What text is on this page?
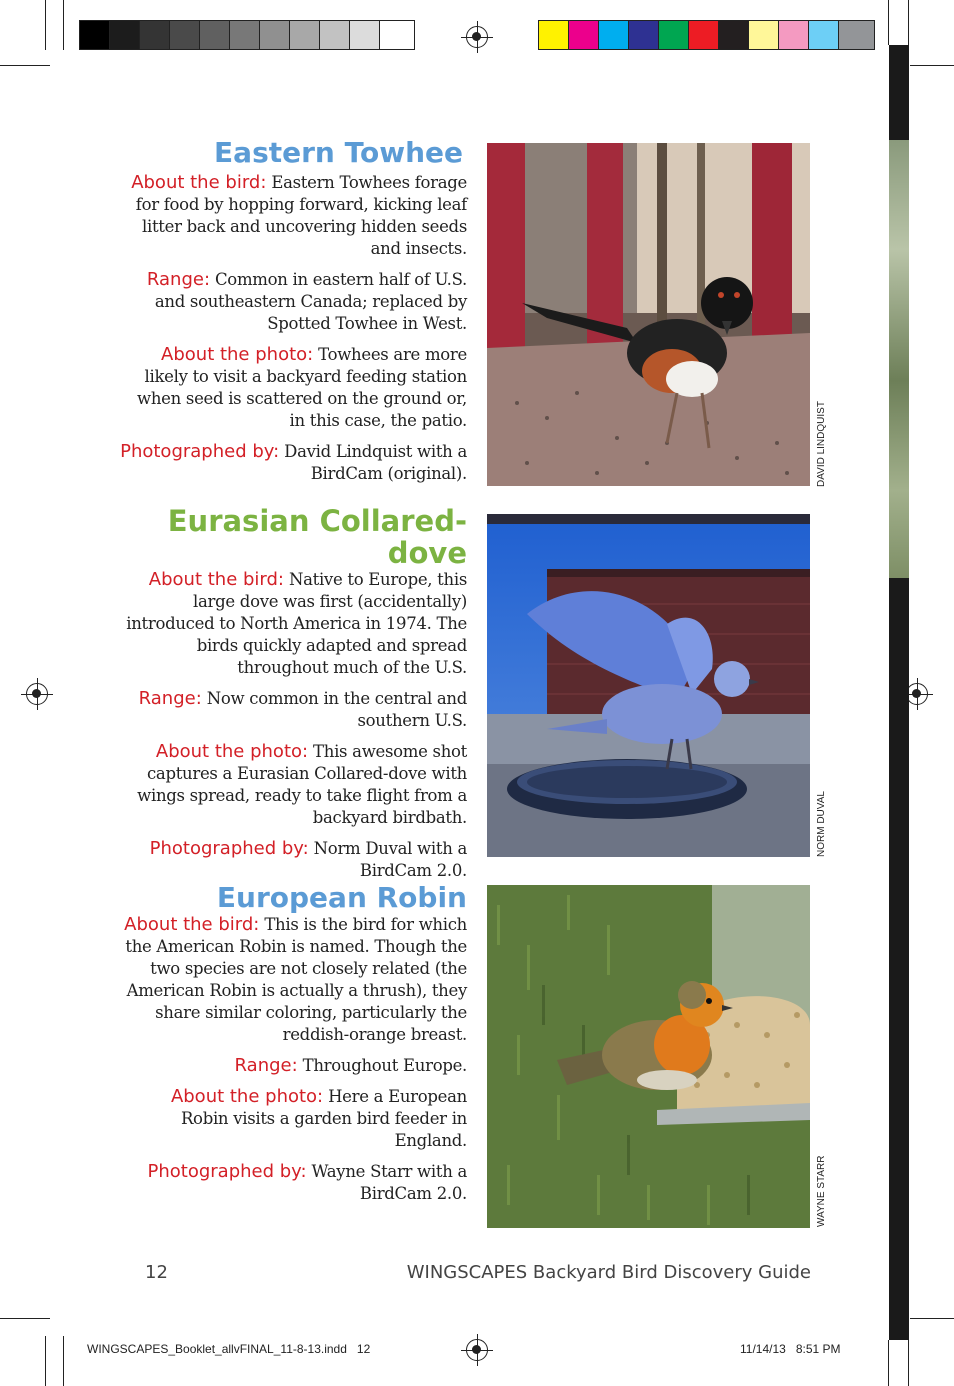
Eastern Towhee

About the bird: Eastern Towhees forage for food by hopping forward, kicking leaf litter back and uncovering hidden seeds and insects.

Range: Common in eastern half of U.S. and southeastern Canada; replaced by Spotted Towhee in West.

About the photo: Towhees are more likely to visit a backyard feeding station when seed is scattered on the ground or, in this case, the patio.

Photographed by: David Lindquist with a BirdCam (original).	DAVID LINDQUIST
Eurasian Collared-dove

About the bird: Native to Europe, this large dove was first (accidentally) introduced to North America in 1974. The birds quickly adapted and spread throughout much of the U.S.

Range: Now common in the central and southern U.S.

About the photo: This awesome shot captures a Eurasian Collared-dove with wings spread, ready to take flight from a backyard birdbath.

Photographed by: Norm Duval with a BirdCam 2.0.

NORM DUVAL
European Robin

About the bird: This is the bird for which the American Robin is named. Though the two species are not closely related (the American Robin is actually a thrush), they share similar coloring, particularly the reddish-orange breast.

Range: Throughout Europe.

About the photo: Here a European Robin visits a garden bird feeder in England.

Photographed by: Wayne Starr with a BirdCam 2.0.	WAYNE STARR
12	WINGSCAPES Backyard Bird Discovery Guide
WINGSCAPES_Booklet_allvFINAL_11-8-13.indd   12	11/14/13   8:51 PM
